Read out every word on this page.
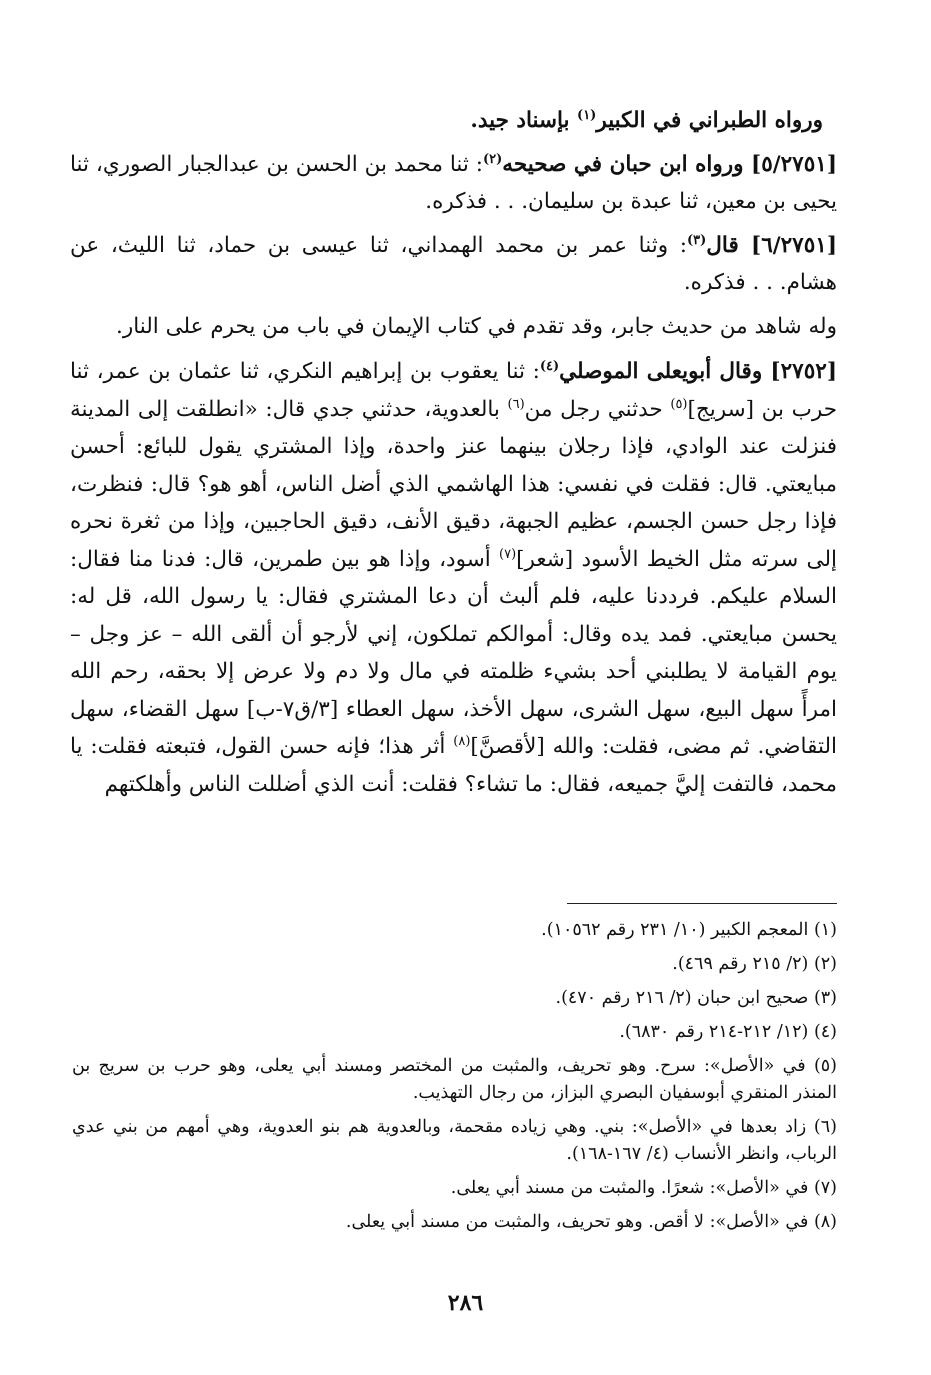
ورواه الطبراني في الكبير$^{(١)}$ بإسناد جيد.

[٥/٢٧٥١] ورواه ابن حبان في صحيحه$^{(٢)}$: ثنا محمد بن الحسن بن عبدالجبار الصوري، ثنا يحيى بن معين، ثنا عبدة بن سليمان. . . فذكره.

[٦/٢٧٥١] قال$^{(٣)}$: وثنا عمر بن محمد الهمداني، ثنا عيسى بن حماد، ثنا الليث، عن هشام. . . فذكره.

وله شاهد من حديث جابر، وقد تقدم في كتاب الإيمان في باب من يحرم على النار.

[٢٧٥٢] وقال أبويعلى الموصلي$^{(٤)}$: ثنا يعقوب بن إبراهيم النكري، ثنا عثمان بن عمر، ثنا حرب بن [سريج]$^{(٥)}$ حدثني رجل من$^{(٦)}$ بالعدوية، حدثني جدي قال: «انطلقت إلى المدينة فنزلت عند الوادي، فإذا رجلان بينهما عنز واحدة، وإذا المشتري يقول للبائع: أحسن مبايعتي. قال: فقلت في نفسي: هذا الهاشمي الذي أضل الناس، أهو هو؟ قال: فنظرت، فإذا رجل حسن الجسم، عظيم الجبهة، دقيق الأنف، دقيق الحاجبين، وإذا من ثغرة نحره إلى سرته مثل الخيط الأسود [شعر]$^{(٧)}$ أسود، وإذا هو بين طمرين، قال: فدنا منا فقال: السلام عليكم. فرددنا عليه، فلم ألبث أن دعا المشتري فقال: يا رسول الله، قل له: يحسن مبايعتي. فمد يده وقال: أموالكم تملكون، إني لأرجو أن ألقى الله – عز وجل – يوم القيامة لا يطلبني أحد بشيء ظلمته في مال ولا دم ولا عرض إلا بحقه، رحم الله امرأً سهل البيع، سهل الشرى، سهل الأخذ، سهل العطاء [٣/ق٧-ب] سهل القضاء، سهل التقاضي. ثم مضى، فقلت: والله [لأقصنَّ]$^{(٨)}$ أثر هذا؛ فإنه حسن القول، فتبعته فقلت: يا محمد، فالتفت إليَّ جميعه، فقال: ما تشاء؟ فقلت: أنت الذي أضللت الناس وأهلكتهم

(١) المعجم الكبير (١٠/ ٢٣١ رقم ١٠٥٦٢).

(٢) (٢/ ٢١٥ رقم ٤٦٩).

(٣) صحيح ابن حبان (٢/ ٢١٦ رقم ٤٧٠).

(٤) (١٢/ ٢١٢-٢١٤ رقم ٦٨٣٠).

(٥) في «الأصل»: سرح. وهو تحريف، والمثبت من المختصر ومسند أبي يعلى، وهو حرب بن سريج بن المنذر المنقري أبوسفيان البصري البزاز، من رجال التهذيب.

(٦) زاد بعدها في «الأصل»: بني. وهي زياده مقحمة، وبالعدوية هم بنو العدوية، وهي أمهم من بني عدي الرباب، وانظر الأنساب (٤/ ١٦٧-١٦٨).

(٧) في «الأصل»: شعرًا. والمثبت من مسند أبي يعلى.

(٨) في «الأصل»: لا أقص. وهو تحريف، والمثبت من مسند أبي يعلى.

٢٨٦
